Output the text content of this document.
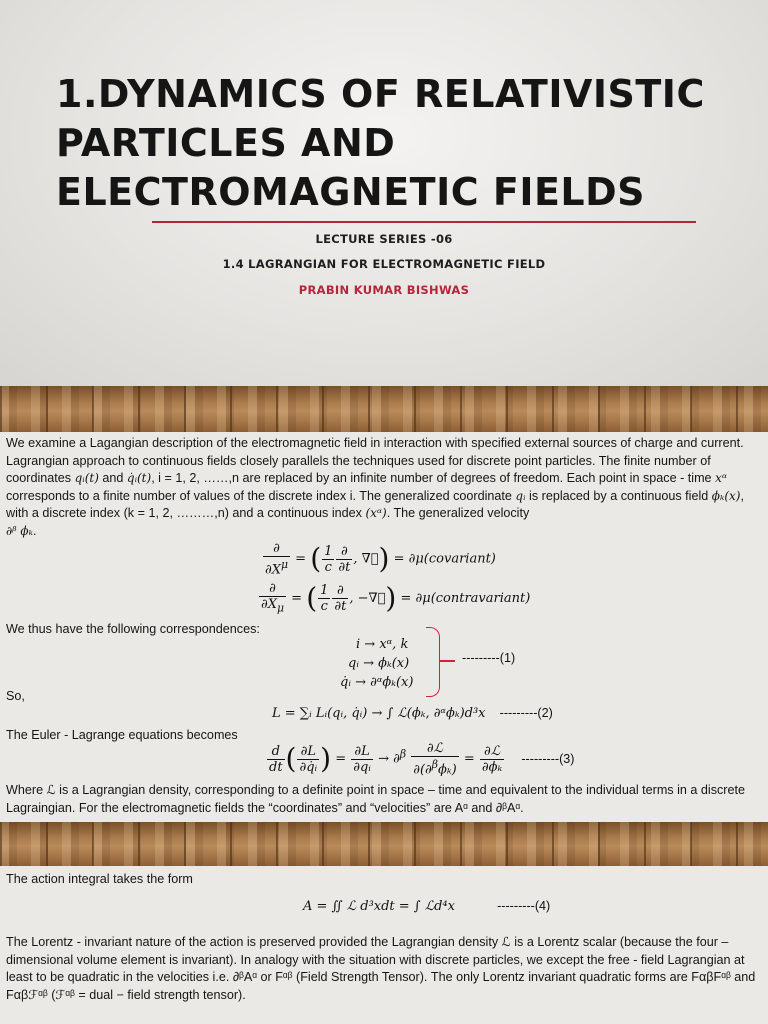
1.DYNAMICS OF RELATIVISTIC
PARTICLES AND
ELECTROMAGNETIC FIELDS
LECTURE SERIES -06
1.4 LAGRANGIAN FOR ELECTROMAGNETIC FIELD
PRABIN KUMAR BISHWAS
We examine a Lagangian description of the electromagnetic field in interaction with specified external sources of charge and current. Lagrangian approach to continuous fields closely parallels the techniques used for discrete point particles. The finite number of coordinates qᵢ(t) and q̇ᵢ(t), i = 1, 2, ……,n are replaced by an infinite number of degrees of freedom. Each point in space - time xᵅ corresponds to a finite number of values of the discrete index i. The generalized coordinate qᵢ is replaced by a continuous field ϕₖ(x), with a discrete index (k = 1, 2, ………,n) and a continuous index (xᵅ). The generalized velocity
∂ᵝ ϕₖ.
$\frac{\partial}{\partial X^\mu}$ = ( $\frac{1}{c} \frac{\partial}{\partial t}$ , ∇⃗) = ∂μ(covariant)
$\frac{\partial}{\partial X_\mu}$ = ( $\frac{1}{c} \frac{\partial}{\partial t}$ , −∇⃗) = ∂μ(contravariant)
We thus have the following correspondences:
i → xᵅ, k
qᵢ → ϕₖ(x)
q̇ᵢ → ∂ᵅϕₖ(x)
---------(1)
So,
L = ∑ᵢ Lᵢ(qᵢ, q̇ᵢ) → ∫ ℒ(ϕₖ, ∂ᵅϕₖ)d³x ---------(2)
The Euler - Lagrange equations becomes
$\frac{d}{dt}$ ( $\frac{\partial L}{\text{∂q̇ᵢ}}$ ) = $\frac{\partial L}{\text{∂qᵢ}} \to \partial^\beta \frac{\text{∂ℒ}}{\partial(\partial^\beta\phi_k)} = \frac{\text{∂ℒ}}{\text{∂ϕₖ}} ---------(3)$
Where ℒ is a Lagrangian density, corresponding to a definite point in space – time and equivalent to the individual terms in a discrete Lagraingian. For the electromagnetic fields the “coordinates” and “velocities” are Aᵅ and ∂ᵝAᵅ.
The action integral takes the form
A = ∬ ℒ d³xdt = ∫ ℒd⁴x	---------(4)
The Lorentz - invariant nature of the action is preserved provided the Lagrangian density ℒ is a Lorentz scalar (because the four – dimensional volume element is invariant). In analogy with the situation with discrete particles, we except the free - field Lagrangian at least to be quadratic in the velocities i.e. ∂ᵝAᵅ or Fᵅᵝ (Field Strength Tensor). The only Lorentz invariant quadratic forms are FαβFᵅᵝ and Fαβℱᵅᵝ (ℱᵅᵝ = dual − field strength tensor).
